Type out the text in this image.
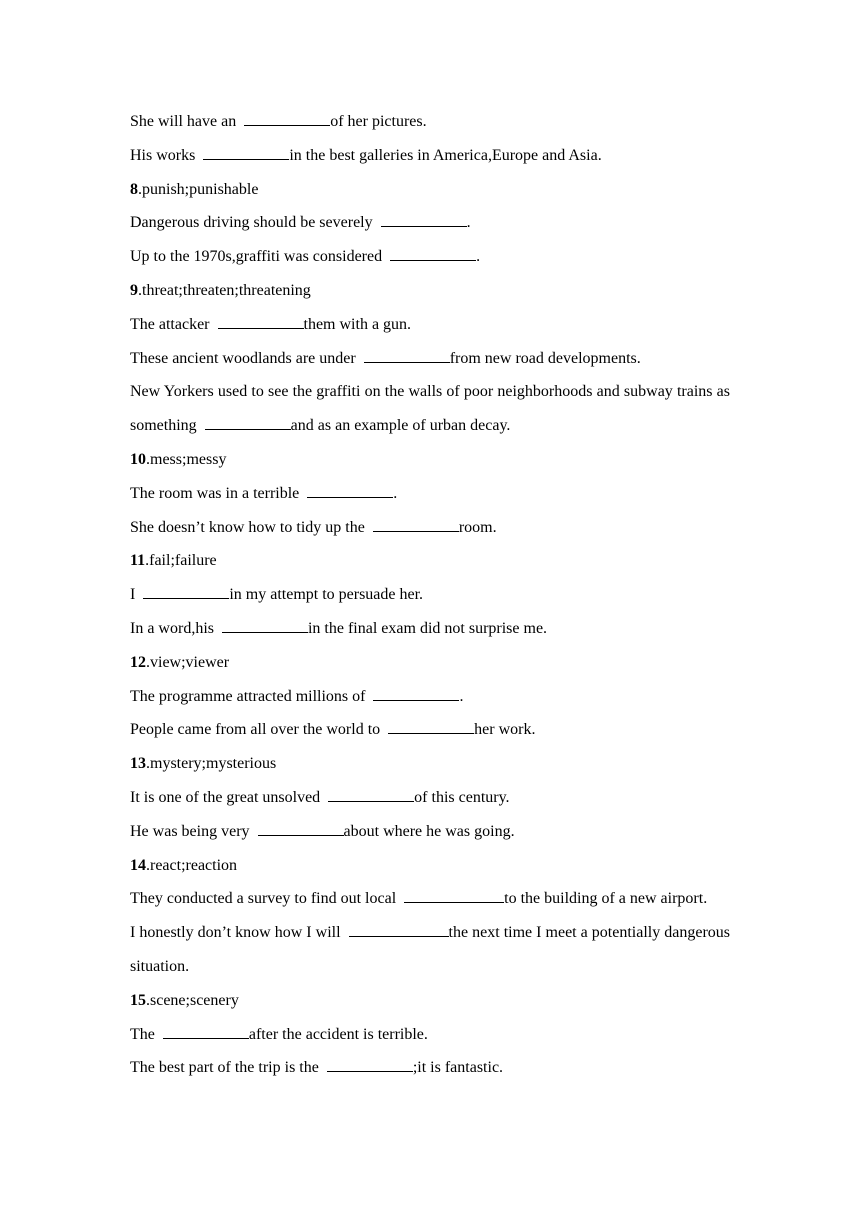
She will have an	of her pictures.
His works	in the best galleries in America,Europe and Asia.
8.punish;punishable
Dangerous driving should be severely	.
Up to the 1970s,graffiti was considered	.
9.threat;threaten;threatening
The attacker	them with a gun.
These ancient woodlands are under	from new road developments.
New Yorkers used to see the graffiti on the walls of poor neighborhoods and subway trains as something	and as an example of urban decay.
10.mess;messy
The room was in a terrible	.
She doesn’t know how to tidy up the	room.
11.fail;failure
I	in my attempt to persuade her.
In a word,his	in the final exam did not surprise me.
12.view;viewer
The programme attracted millions of	.
People came from all over the world to	her work.
13.mystery;mysterious
It is one of the great unsolved	of this century.
He was being very	about where he was going.
14.react;reaction
They conducted a survey to find out local	to the building of a new airport.
I honestly don’t know how I will	the next time I meet a potentially dangerous situation.
15.scene;scenery
The	after the accident is terrible.
The best part of the trip is the	;it is fantastic.
